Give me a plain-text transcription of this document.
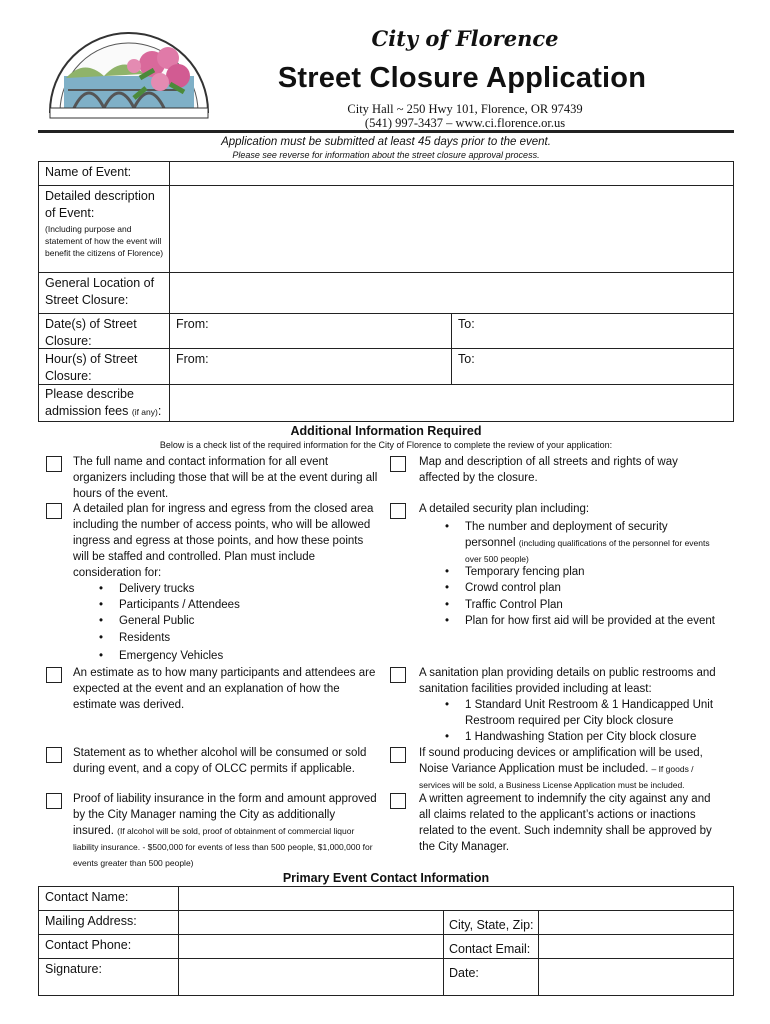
City of Florence
Street Closure Application
City Hall ~ 250 Hwy 101, Florence, OR 97439
(541) 997-3437 – www.ci.florence.or.us
Application must be submitted at least 45 days prior to the event.
Please see reverse for information about the street closure approval process.
Name of Event:
Detailed description of Event:
(Including purpose and statement of how the event will benefit the citizens of Florence)
General Location of Street Closure:
Date(s) of Street Closure:
From:	To:
Hour(s) of Street Closure:
From:	To:
Please describe admission fees (if any):
Additional Information Required
Below is a check list of the required information for the City of Florence to complete the review of your application:
The full name and contact information for all event organizers including those that will be at the event during all hours of the event.
Map and description of all streets and rights of way affected by the closure.
A detailed plan for ingress and egress from the closed area including the number of access points, who will be allowed ingress and egress at those points, and how these points will be staffed and controlled. Plan must include consideration for:
• Delivery trucks
• Participants / Attendees
• General Public
• Residents
• Emergency Vehicles
A detailed security plan including:
• The number and deployment of security personnel (including qualifications of the personnel for events over 500 people)
• Temporary fencing plan
• Crowd control plan
• Traffic Control Plan
• Plan for how first aid will be provided at the event
An estimate as to how many participants and attendees are expected at the event and an explanation of how the estimate was derived.
A sanitation plan providing details on public restrooms and sanitation facilities provided including at least:
• 1 Standard Unit Restroom & 1 Handicapped Unit Restroom required per City block closure
• 1 Handwashing Station per City block closure
Statement as to whether alcohol will be consumed or sold during event, and a copy of OLCC permits if applicable.
If sound producing devices or amplification will be used, Noise Variance Application must be included. – If goods / services will be sold, a Business License Application must be included.
Proof of liability insurance in the form and amount approved by the City Manager naming the City as additionally insured. (If alcohol will be sold, proof of obtainment of commercial liquor liability insurance. - $500,000 for events of less than 500 people, $1,000,000 for events greater than 500 people)
A written agreement to indemnify the city against any and all claims related to the applicant’s actions or inactions related to the event. Such indemnity shall be approved by the City Manager.
Primary Event Contact Information
Contact Name:
Mailing Address:	City, State, Zip:
Contact Phone:	Contact Email:
Signature:	Date:
